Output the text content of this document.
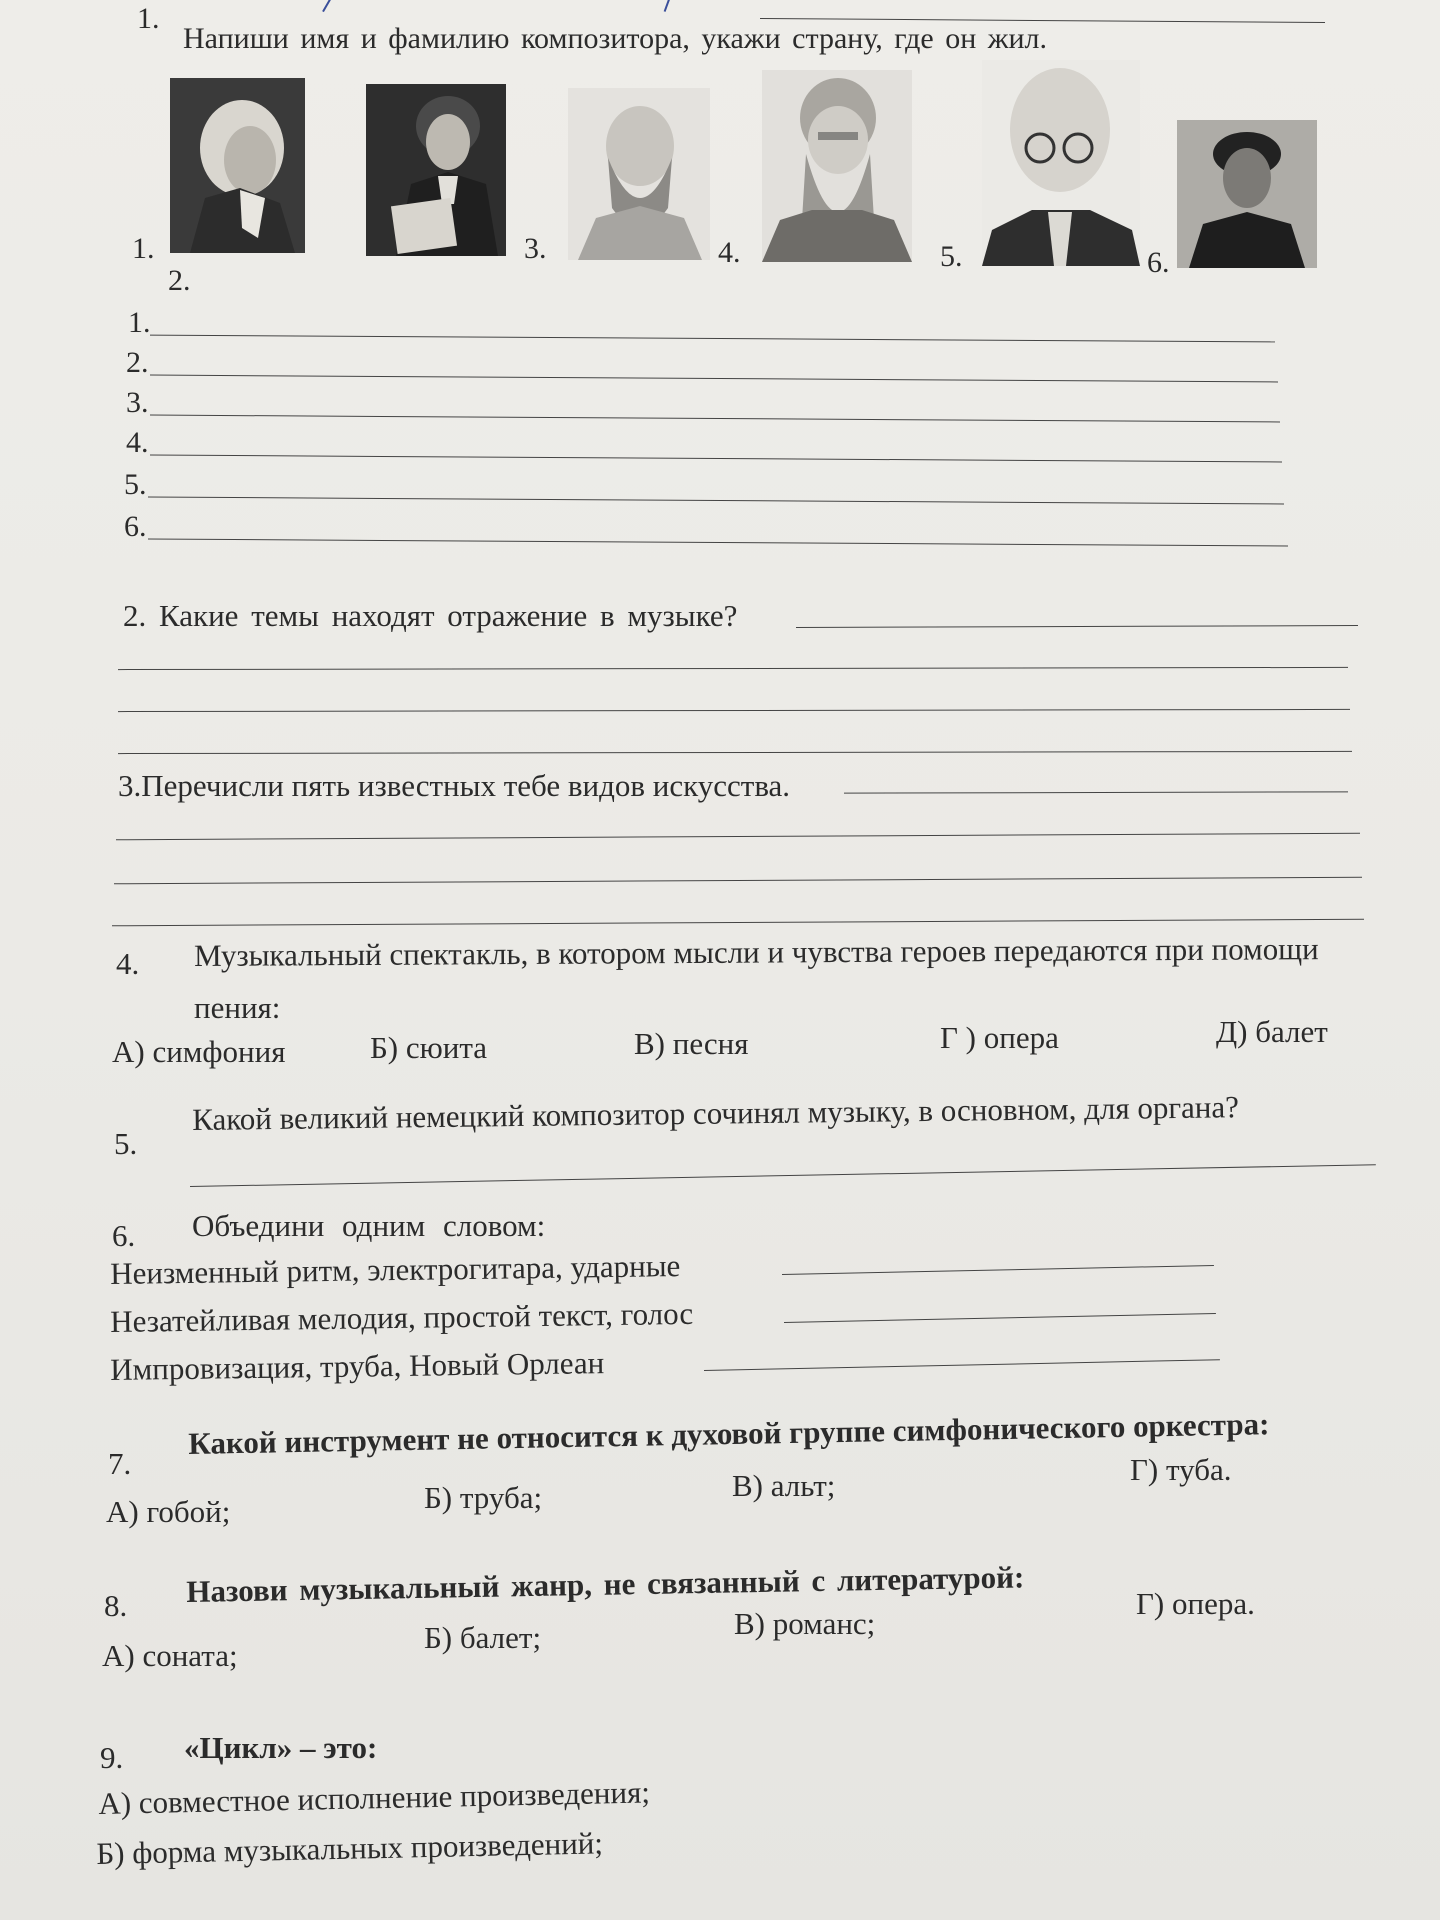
1.
Напиши имя и фамилию композитора, укажи страну, где он жил.
1.
2.
3.	4.	5.	6.
1.
2.
3.
4.
5.
6.
2. Какие темы находят отражение в музыке?
3.Перечисли пять известных тебе видов искусства.
4. Музыкальный спектакль, в котором мысли и чувства героев передаются при помощи
пения:
А) симфония	Б) сюита	В) песня	Г ) опера	Д) балет
5.
Какой великий немецкий композитор сочинял музыку, в основном, для органа?
6. Объедини одним словом:
Неизменный ритм, электрогитара, ударные
Незатейливая мелодия, простой текст, голос
Импровизация, труба, Новый Орлеан
7.
Какой инструмент не относится к духовой группе симфонического оркестра:
А) гобой;	Б) труба;	В) альт;	Г) туба.
8. Назови музыкальный жанр, не связанный с литературой:
А) соната;
Б) балет;	В) романс;
Г) опера.
9. «Цикл» – это:
А) совместное исполнение произведения;
Б) форма музыкальных произведений;
